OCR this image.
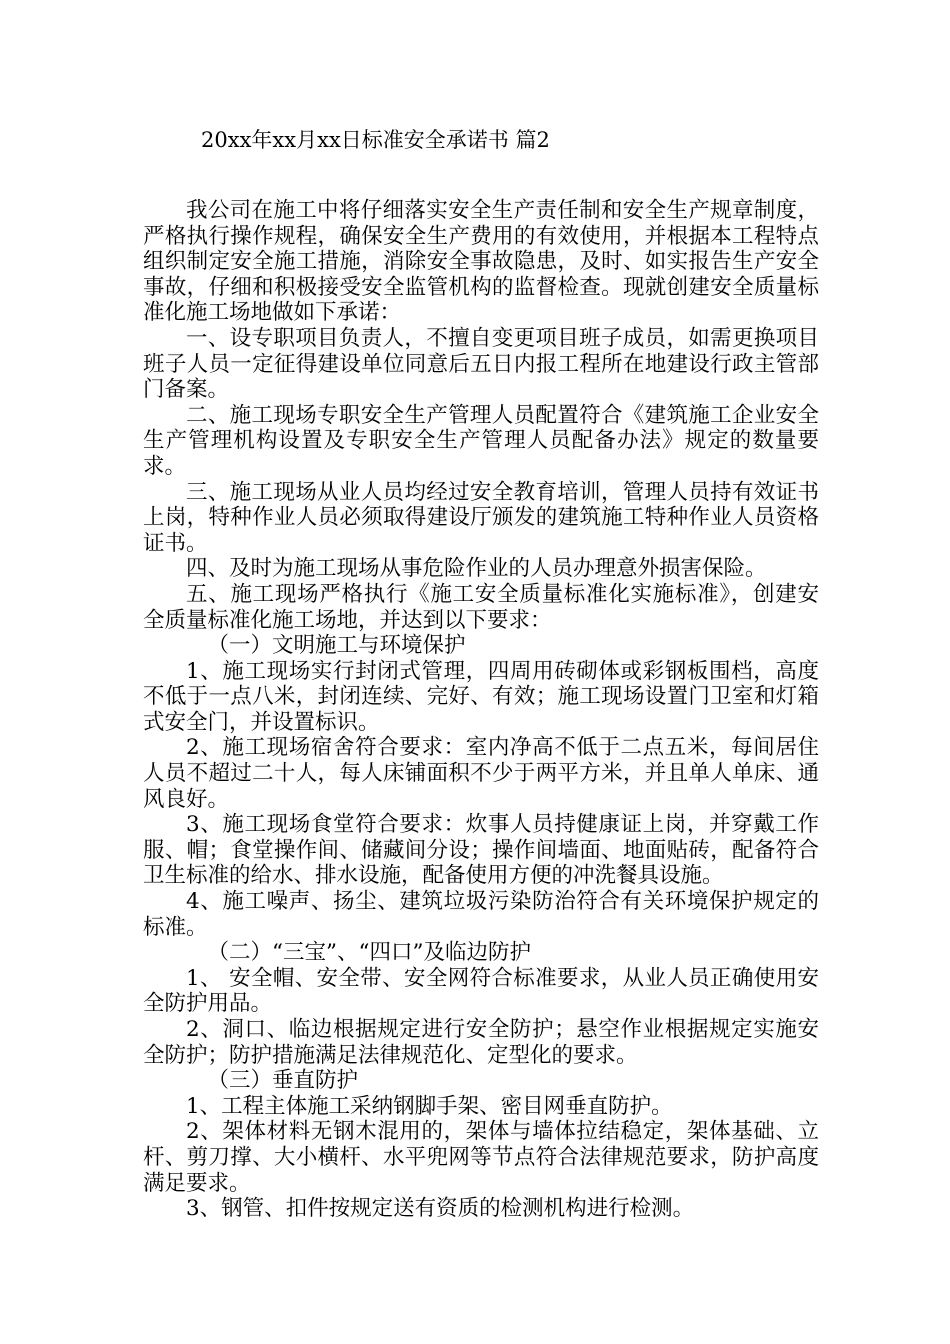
20xx年xx月xx日标准安全承诺书 篇2

我公司在施工中将仔细落实安全生产责任制和安全生产规章制度，严格执行操作规程，确保安全生产费用的有效使用，并根据本工程特点组织制定安全施工措施，消除安全事故隐患，及时、如实报告生产安全事故，仔细和积极接受安全监管机构的监督检查。现就创建安全质量标准化施工场地做如下承诺：

一、设专职项目负责人，不擅自变更项目班子成员，如需更换项目班子人员一定征得建设单位同意后五日内报工程所在地建设行政主管部门备案。

二、施工现场专职安全生产管理人员配置符合《建筑施工企业安全生产管理机构设置及专职安全生产管理人员配备办法》规定的数量要求。

三、施工现场从业人员均经过安全教育培训，管理人员持有效证书上岗，特种作业人员必须取得建设厅颁发的建筑施工特种作业人员资格证书。

四、及时为施工现场从事危险作业的人员办理意外损害保险。

五、施工现场严格执行《施工安全质量标准化实施标准》，创建安全质量标准化施工场地，并达到以下要求：

（一）文明施工与环境保护

1、施工现场实行封闭式管理，四周用砖砌体或彩钢板围档，高度不低于一点八米，封闭连续、完好、有效；施工现场设置门卫室和灯箱式安全门，并设置标识。

2、施工现场宿舍符合要求：室内净高不低于二点五米，每间居住人员不超过二十人，每人床铺面积不少于两平方米，并且单人单床、通风良好。

3、施工现场食堂符合要求：炊事人员持健康证上岗，并穿戴工作服、帽；食堂操作间、储藏间分设；操作间墙面、地面贴砖，配备符合卫生标准的给水、排水设施，配备使用方便的冲洗餐具设施。

4、施工噪声、扬尘、建筑垃圾污染防治符合有关环境保护规定的标准。

（二）“三宝”、“四口”及临边防护

1、 安全帽、安全带、安全网符合标准要求，从业人员正确使用安全防护用品。

2、洞口、临边根据规定进行安全防护；悬空作业根据规定实施安全防护；防护措施满足法律规范化、定型化的要求。

（三）垂直防护

1、工程主体施工采纳钢脚手架、密目网垂直防护。

2、架体材料无钢木混用的，架体与墙体拉结稳定，架体基础、立杆、剪刀撑、大小横杆、水平兜网等节点符合法律规范要求，防护高度满足要求。

3、钢管、扣件按规定送有资质的检测机构进行检测。
